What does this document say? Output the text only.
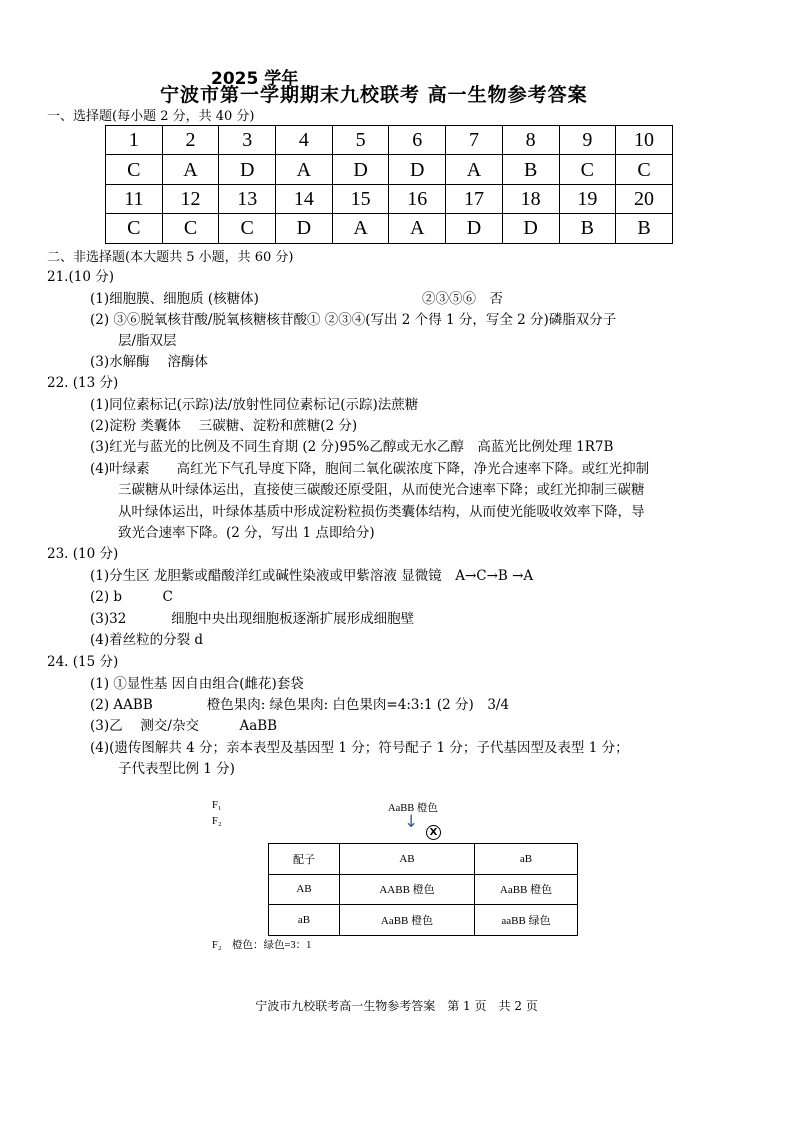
2025 学年
宁波市第一学期期末九校联考 高一生物参考答案
一、选择题(每小题 2 分，共 40 分)
1	2	3	4	5	6	7	8	9	10
C	A	D	A	D	D	A	B	C	C
11	12	13	14	15	16	17	18	19	20
C	C	C	D	A	A	D	D	B	B
二、非选择题(本大题共 5 小题，共 60 分)
21.(10 分)
(1)细胞膜、细胞质 (核糖体)	②③⑤⑥　否
(2) ③⑥脱氧核苷酸/脱氧核糖核苷酸① ②③④(写出 2 个得 1 分，写全 2 分)磷脂双分子
层/脂双层
(3)水解酶　 溶酶体
22. (13 分)
(1)同位素标记(示踪)法/放射性同位素标记(示踪)法蔗糖
(2)淀粉 类囊体　 三碳糖、淀粉和蔗糖(2 分)
(3)红光与蓝光的比例及不同生育期 (2 分)95%乙醇或无水乙醇　高蓝光比例处理 1R7B
(4)叶绿素　　高红光下气孔导度下降，胞间二氧化碳浓度下降，净光合速率下降。或红光抑制
三碳糖从叶绿体运出，直接使三碳酸还原受阻，从而使光合速率下降；或红光抑制三碳糖
从叶绿体运出，叶绿体基质中形成淀粉粒损伤类囊体结构，从而使光能吸收效率下降，导
致光合速率下降。(2 分，写出 1 点即给分)
23. (10 分)
(1)分生区 龙胆紫或醋酸洋红或碱性染液或甲紫溶液 显微镜　A→C→B →A
(2) b　　　C
(3)32　　　 细胞中央出现细胞板逐渐扩展形成细胞壁
(4)着丝粒的分裂 d
24. (15 分)
(1) ①显性基 因自由组合(雌花)套袋
(2) AABB　　　　橙色果肉: 绿色果肉: 白色果肉=4:3:1 (2 分)　3/4
(3)乙　 测交/杂交　　　AaBB
(4)(遗传图解共 4 分；亲本表型及基因型 1 分；符号配子 1 分；子代基因型及表型 1 分；
子代表型比例 1 分)
F₁
F₂
AaBB 橙色
↓
X
配子	AB	aB
AB	AABB 橙色	AaBB 橙色
aB	AaBB 橙色	aaBB 绿色
F₂　橙色：绿色=3：1
宁波市九校联考高一生物参考答案　第 1 页　共 2 页
